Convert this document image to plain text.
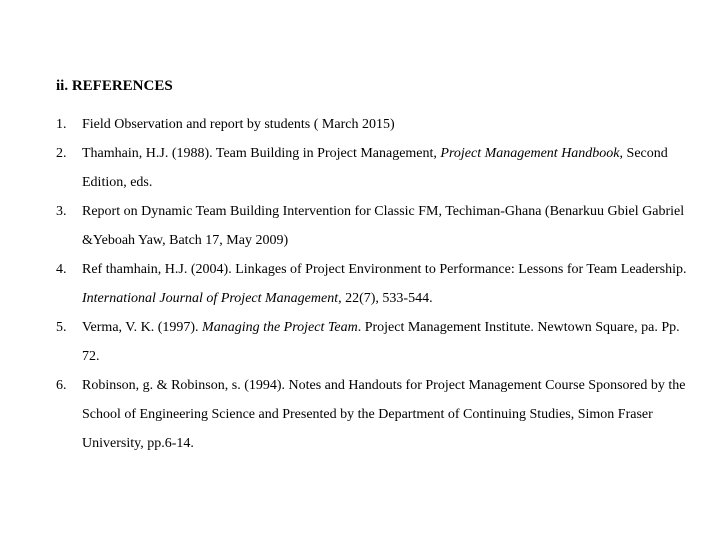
ii. REFERENCES
1. Field Observation and report by students ( March 2015)
2. Thamhain, H.J. (1988). Team Building in Project Management, Project Management Handbook, Second Edition, eds.
3. Report on Dynamic Team Building Intervention for Classic FM, Techiman-Ghana (Benarkuu Gbiel Gabriel &Yeboah Yaw, Batch 17, May 2009)
4. Ref thamhain, H.J. (2004). Linkages of Project Environment to Performance: Lessons for Team Leadership. International Journal of Project Management, 22(7), 533-544.
5. Verma, V. K. (1997). Managing the Project Team. Project Management Institute. Newtown Square, pa. Pp. 72.
6. Robinson, g. & Robinson, s. (1994). Notes and Handouts for Project Management Course Sponsored by the School of Engineering Science and Presented by the Department of Continuing Studies, Simon Fraser University, pp.6-14.
